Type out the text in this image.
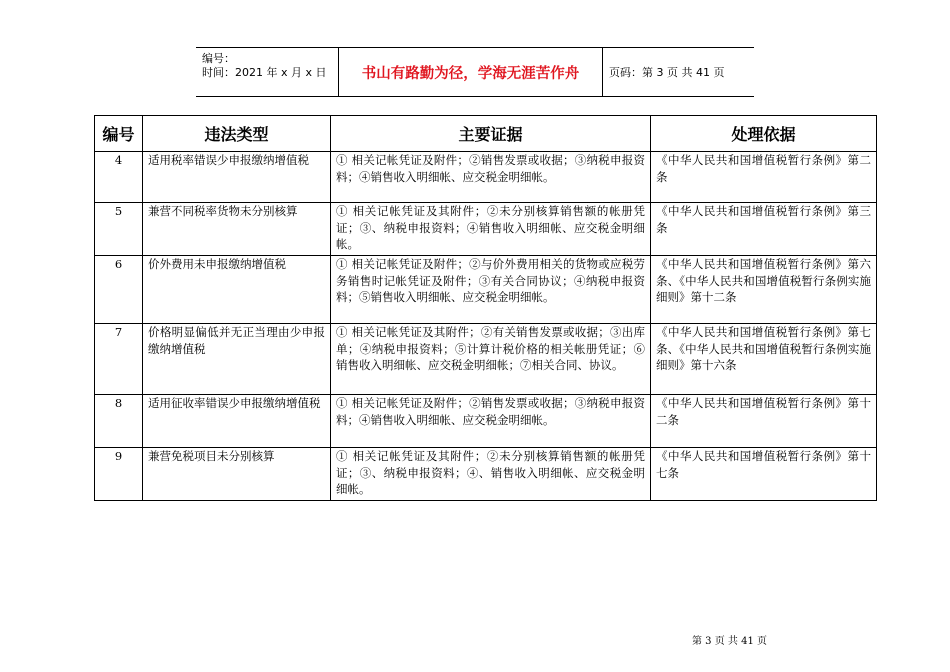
编号：
时间：2021 年 x 月 x 日	书山有路勤为径，学海无涯苦作舟	页码：第 3 页 共 41 页
编号	违法类型	主要证据	处理依据
4	适用税率错误少申报缴纳增值税	① 相关记帐凭证及附件；②销售发票或收据；③纳税申报资料；④销售收入明细帐、应交税金明细帐。	《中华人民共和国增值税暂行条例》第二条
5	兼营不同税率货物未分别核算	① 相关记帐凭证及其附件；②未分别核算销售额的帐册凭证；③、纳税申报资料；④销售收入明细帐、应交税金明细帐。	《中华人民共和国增值税暂行条例》第三条
6	价外费用未申报缴纳增值税	① 相关记帐凭证及附件；②与价外费用相关的货物或应税劳务销售时记帐凭证及附件；③有关合同协议；④纳税申报资料；⑤销售收入明细帐、应交税金明细帐。	《中华人民共和国增值税暂行条例》第六条、《中华人民共和国增值税暂行条例实施细则》第十二条
7	价格明显偏低并无正当理由少申报缴纳增值税	① 相关记帐凭证及其附件；②有关销售发票或收据；③出库单；④纳税申报资料；⑤计算计税价格的相关帐册凭证；⑥销售收入明细帐、应交税金明细帐；⑦相关合同、协议。	《中华人民共和国增值税暂行条例》第七条、《中华人民共和国增值税暂行条例实施细则》第十六条
8	适用征收率错误少申报缴纳增值税	① 相关记帐凭证及附件；②销售发票或收据；③纳税申报资料；④销售收入明细帐、应交税金明细帐。	《中华人民共和国增值税暂行条例》第十二条
9	兼营免税项目未分别核算	① 相关记帐凭证及其附件；②未分别核算销售额的帐册凭证；③、纳税申报资料；④、销售收入明细帐、应交税金明细帐。	《中华人民共和国增值税暂行条例》第十七条
第 3 页 共 41 页
